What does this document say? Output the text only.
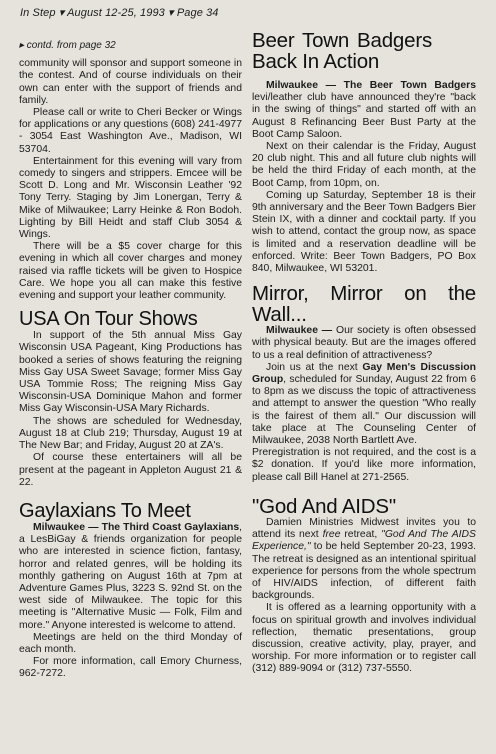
In Step ▾ August 12-25, 1993 ▾ Page 34

▸ contd. from page 32

community will sponsor and support someone in the contest. And of course individuals on their own can enter with the support of friends and family.

Please call or write to Cheri Becker or Wings for applications or any questions (608) 241-4977 - 3054 East Washington Ave., Madison, WI 53704.

Entertainment for this evening will vary from comedy to singers and strippers. Emcee will be Scott D. Long and Mr. Wisconsin Leather '92 Tony Terry. Staging by Jim Lonergan, Terry & Mike of Milwaukee; Larry Heinke & Ron Bodoh. Lighting by Bill Heidt and staff Club 3054 & Wings.

There will be a $5 cover charge for this evening in which all cover charges and money raised via raffle tickets will be given to Hospice Care. We hope you all can make this festive evening and support your leather community.

USA On Tour Shows

In support of the 5th annual Miss Gay Wisconsin USA Pageant, King Productions has booked a series of shows featuring the reigning Miss Gay USA Sweet Savage; former Miss Gay USA Tommie Ross; The reigning Miss Gay Wisconsin-USA Dominique Mahon and former Miss Gay Wisconsin-USA Mary Richards.

The shows are scheduled for Wednesday, August 18 at Club 219; Thursday, August 19 at The New Bar; and Friday, August 20 at ZA's.

Of course these entertainers will all be present at the pageant in Appleton August 21 & 22.

Gaylaxians To Meet

Milwaukee — The Third Coast Gaylaxians, a LesBiGay & friends organization for people who are interested in science fiction, fantasy, horror and related genres, will be holding its monthly gathering on August 16th at 7pm at Adventure Games Plus, 3223 S. 92nd St. on the west side of Milwaukee. The topic for this meeting is "Alternative Music — Folk, Film and more." Anyone interested is welcome to attend.

Meetings are held on the third Monday of each month.

For more information, call Emory Churness, 962-7272.

Beer Town Badgers Back In Action

Milwaukee — The Beer Town Badgers levi/leather club have announced they're "back in the swing of things" and started off with an August 8 Refinancing Beer Bust Party at the Boot Camp Saloon.

Next on their calendar is the Friday, August 20 club night. This and all future club nights will be held the third Friday of each month, at the Boot Camp, from 10pm, on.

Coming up Saturday, September 18 is their 9th anniversary and the Beer Town Badgers Bier Stein IX, with a dinner and cocktail party. If you wish to attend, contact the group now, as space is limited and a reservation deadline will be enforced. Write: Beer Town Badgers, PO Box 840, Milwaukee, WI 53201.

Mirror, Mirror on the Wall...

Milwaukee — Our society is often obsessed with physical beauty. But are the images offered to us a real definition of attractiveness?

Join us at the next Gay Men's Discussion Group, scheduled for Sunday, August 22 from 6 to 8pm as we discuss the topic of attractiveness and attempt to answer the question "Who really is the fairest of them all." Our discussion will take place at The Counseling Center of Milwaukee, 2038 North Bartlett Ave.

Preregistration is not required, and the cost is a $2 donation. If you'd like more information, please call Bill Hanel at 271-2565.

"God And AIDS"

Damien Ministries Midwest invites you to attend its next free retreat, "God And The AIDS Experience," to be held September 20-23, 1993. The retreat is designed as an intentional spiritual experience for persons from the whole spectrum of HIV/AIDS infection, of different faith backgrounds.

It is offered as a learning opportunity with a focus on spiritual growth and involves individual reflection, thematic presentations, group discussion, creative activity, play, prayer, and worship. For more information or to register call (312) 889-9094 or (312) 737-5550.
